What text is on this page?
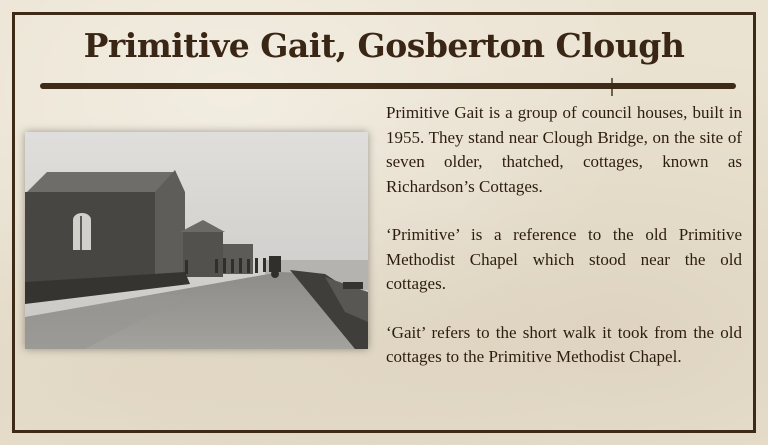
Primitive Gait, Gosberton Clough

Primitive Gait is a group of council houses, built in 1955. They stand near Clough Bridge, on the site of seven older, thatched, cottages, known as Richardson’s Cottages.

‘Primitive’ is a reference to the old Primitive Methodist Chapel which stood near the old cottages.

‘Gait’ refers to the short walk it took from the old cottages to the Primitive Methodist Chapel.
